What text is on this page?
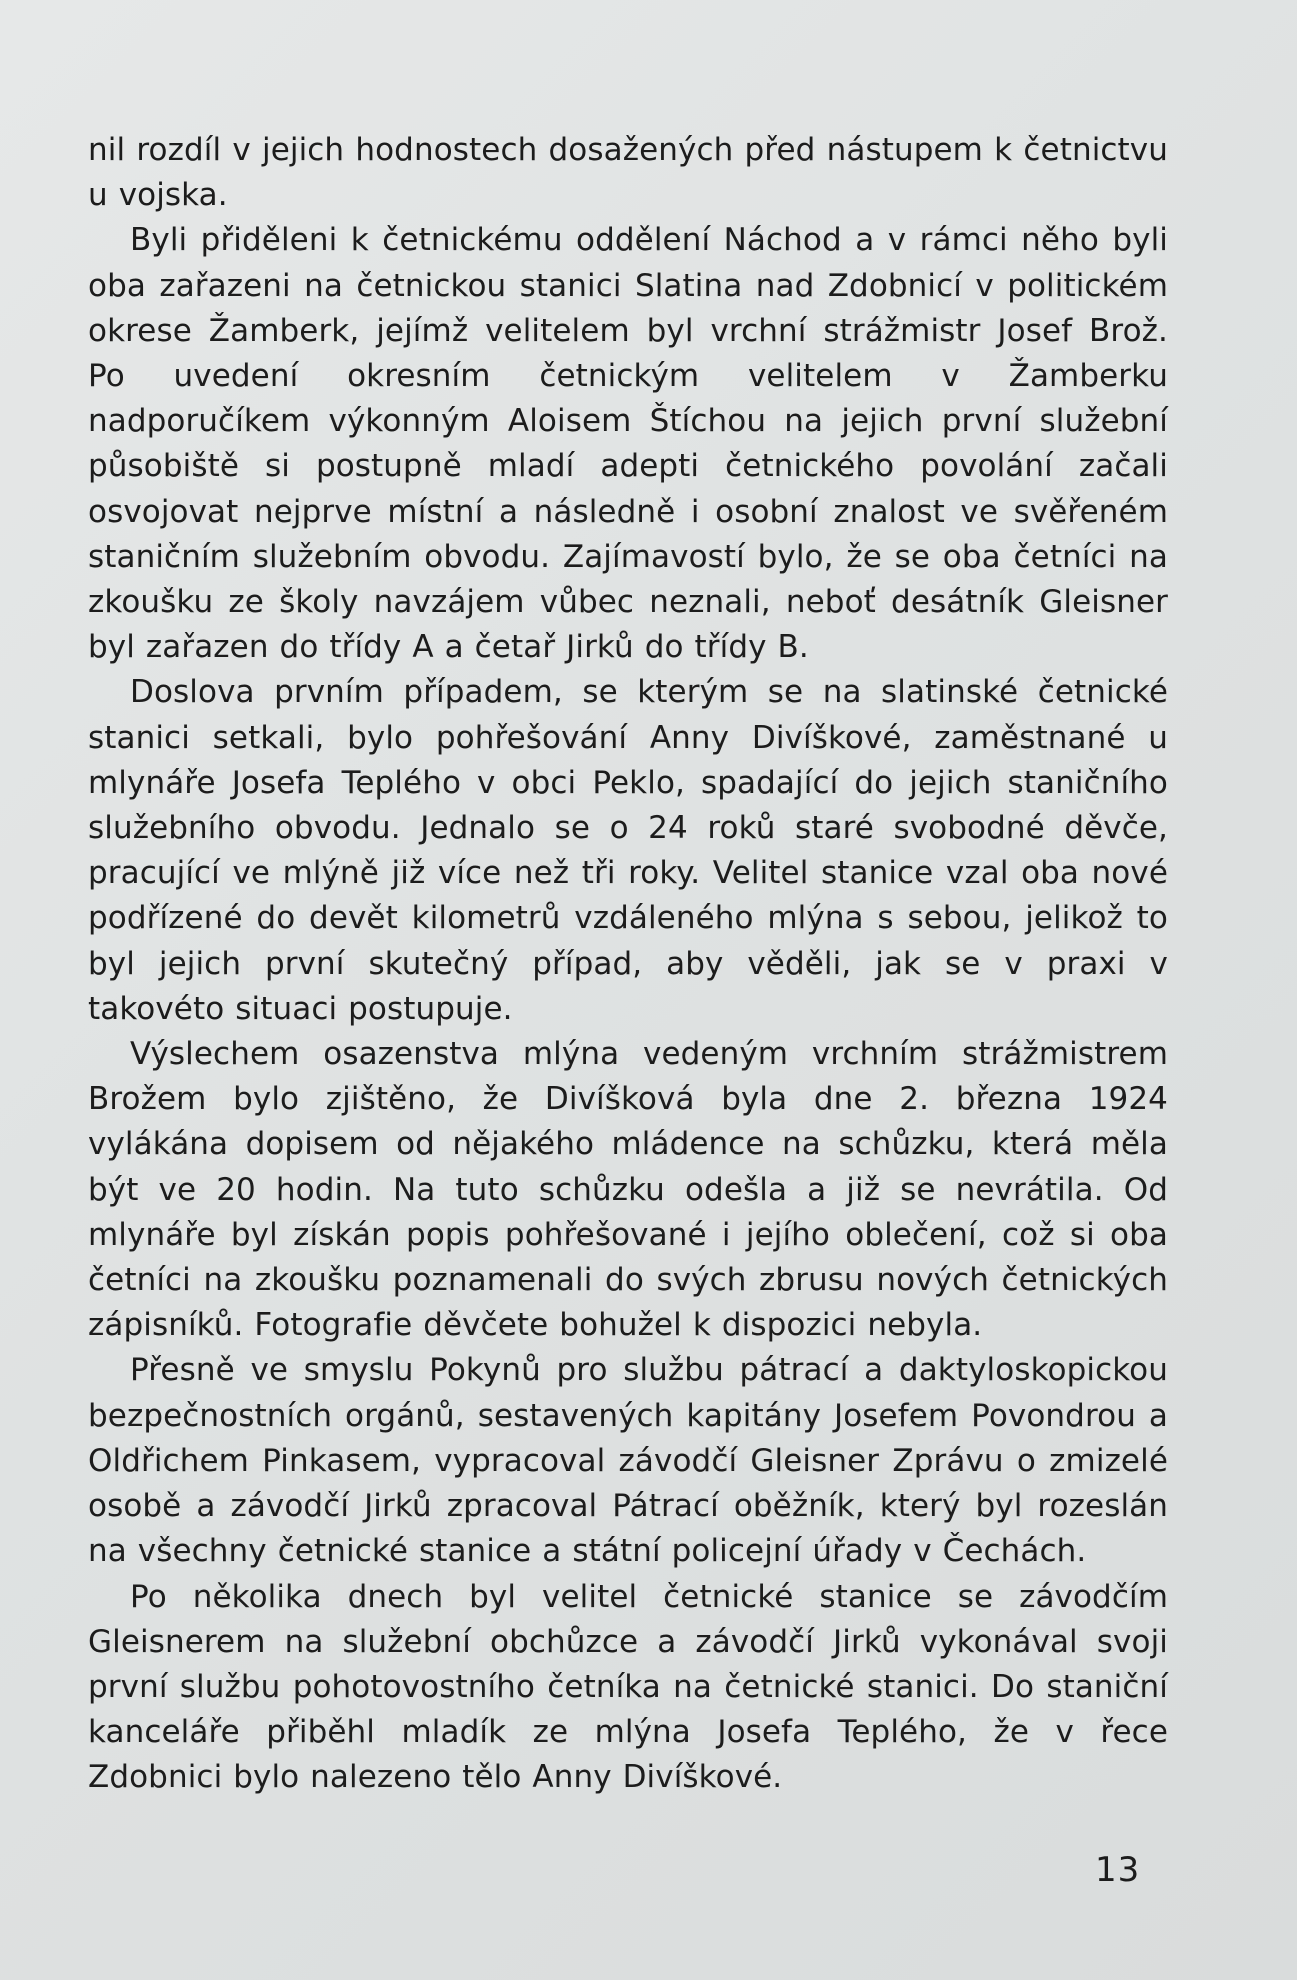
nil rozdíl v jejich hodnostech dosažených před nástupem k četnictvu u vojska.

Byli přiděleni k četnickému oddělení Náchod a v rámci něho byli oba zařazeni na četnickou stanici Slatina nad Zdobnicí v politickém okrese Žamberk, jejímž velitelem byl vrchní strážmistr Josef Brož. Po uvedení okresním četnickým velitelem v Žamberku nadporučíkem výkonným Aloisem Štíchou na jejich první služební působiště si postupně mladí adepti četnického povolání začali osvojovat nejprve místní a následně i osobní znalost ve svěřeném staničním služebním obvodu. Zajímavostí bylo, že se oba četníci na zkoušku ze školy navzájem vůbec neznali, neboť desátník Gleisner byl zařazen do třídy A a četař Jirků do třídy B.

Doslova prvním případem, se kterým se na slatinské četnické stanici setkali, bylo pohřešování Anny Divíškové, zaměstnané u mlynáře Josefa Teplého v obci Peklo, spadající do jejich staničního služebního obvodu. Jednalo se o 24 roků staré svobodné děvče, pracující ve mlýně již více než tři roky. Velitel stanice vzal oba nové podřízené do devět kilometrů vzdáleného mlýna s sebou, jelikož to byl jejich první skutečný případ, aby věděli, jak se v praxi v takovéto situaci postupuje.

Výslechem osazenstva mlýna vedeným vrchním strážmistrem Brožem bylo zjištěno, že Divíšková byla dne 2. března 1924 vylákána dopisem od nějakého mládence na schůzku, která měla být ve 20 hodin. Na tuto schůzku odešla a již se nevrátila. Od mlynáře byl získán popis pohřešované i jejího oblečení, což si oba četníci na zkoušku poznamenali do svých zbrusu nových četnických zápisníků. Fotografie děvčete bohužel k dispozici nebyla.

Přesně ve smyslu Pokynů pro službu pátrací a daktyloskopickou bezpečnostních orgánů, sestavených kapitány Josefem Povondrou a Oldřichem Pinkasem, vypracoval závodčí Gleisner Zprávu o zmizelé osobě a závodčí Jirků zpracoval Pátrací oběžník, který byl rozeslán na všechny četnické stanice a státní policejní úřady v Čechách.

Po několika dnech byl velitel četnické stanice se závodčím Gleisnerem na služební obchůzce a závodčí Jirků vykonával svoji první službu pohotovostního četníka na četnické stanici. Do staniční kanceláře přiběhl mladík ze mlýna Josefa Teplého, že v řece Zdobnici bylo nalezeno tělo Anny Divíškové.

13
